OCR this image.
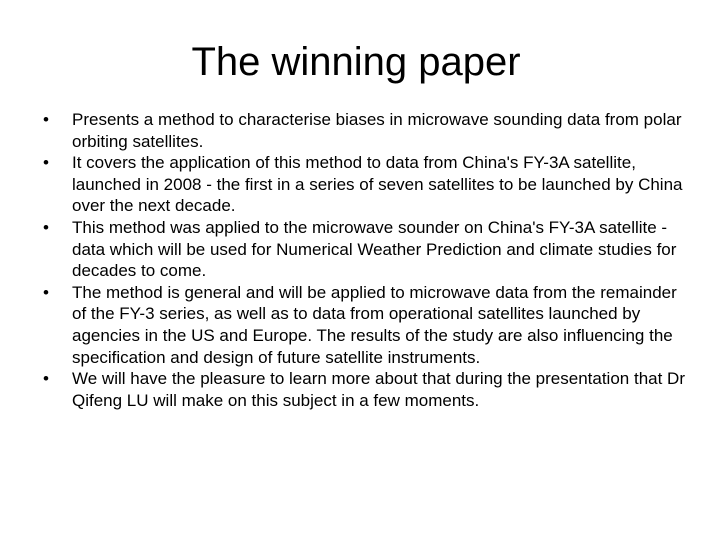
The winning paper
•	Presents a method to characterise biases in microwave sounding data from polar orbiting satellites.
•	It covers the application of this method to data from China's FY-3A satellite, launched in 2008 - the first in a series of seven satellites to be launched by China over the next decade.
•	This method was applied to the microwave sounder on China's FY-3A satellite - data which will be used for Numerical Weather Prediction and climate studies for decades to come.
•	The method is general and will be applied to microwave data from the remainder of the FY-3 series, as well as to data from operational satellites launched by agencies in the US and Europe. The results of the study are also influencing the specification and design of future satellite instruments.
•	We will have the pleasure to learn more about that during the presentation that Dr Qifeng LU will make on this subject in a few moments.
